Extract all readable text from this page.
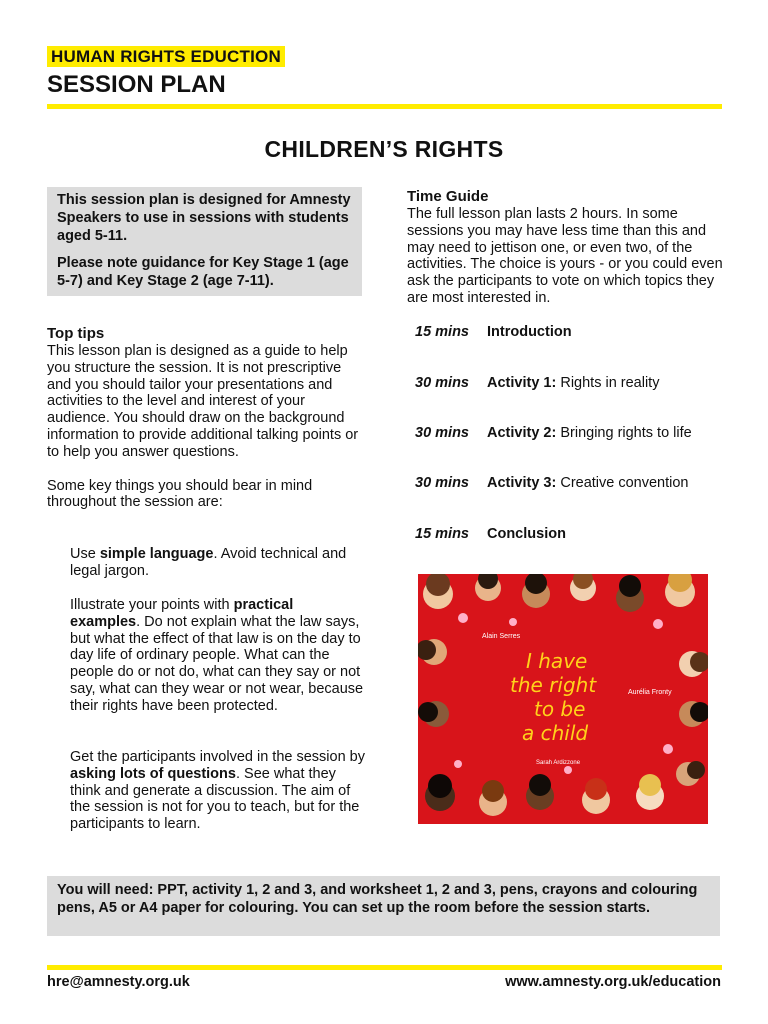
HUMAN RIGHTS EDUCTION
SESSION PLAN
CHILDREN’S RIGHTS

This session plan is designed for Amnesty Speakers to use in sessions with students aged 5-11.

Please note guidance for Key Stage 1 (age 5-7) and Key Stage 2 (age 7-11).

Top tips

This lesson plan is designed as a guide to help you structure the session. It is not prescriptive and you should tailor your presentations and activities to the level and interest of your audience. You should draw on the background information to provide additional talking points or to help you answer questions.

Some key things you should bear in mind throughout the session are:

Use simple language. Avoid technical and legal jargon.
Illustrate your points with practical examples. Do not explain what the law says, but what the effect of that law is on the day to day life of ordinary people. What can the people do or not do, what can they say or not say, what can they wear or not wear, because their rights have been protected.
Get the participants involved in the session by asking lots of questions. See what they think and generate a discussion. The aim of the session is not for you to teach, but for the participants to learn.
Time Guide

The full lesson plan lasts 2 hours. In some sessions you may have less time than this and may need to jettison one, or even two, of the activities. The choice is yours - or you could even ask the participants to vote on which topics they are most interested in.

15 mins Introduction
30 mins Activity 1: Rights in reality
30 mins Activity 2: Bringing rights to life
30 mins Activity 3: Creative convention
15 mins Conclusion
Alain Serres
Aurélia Fronty
Sarah Ardizzone
I have
the right
to be
a child
You will need: PPT, activity 1, 2 and 3, and worksheet 1, 2 and 3, pens, crayons and colouring pens, A5 or A4 paper for colouring. You can set up the room before the session starts.
hre@amnesty.org.uk	www.amnesty.org.uk/education
